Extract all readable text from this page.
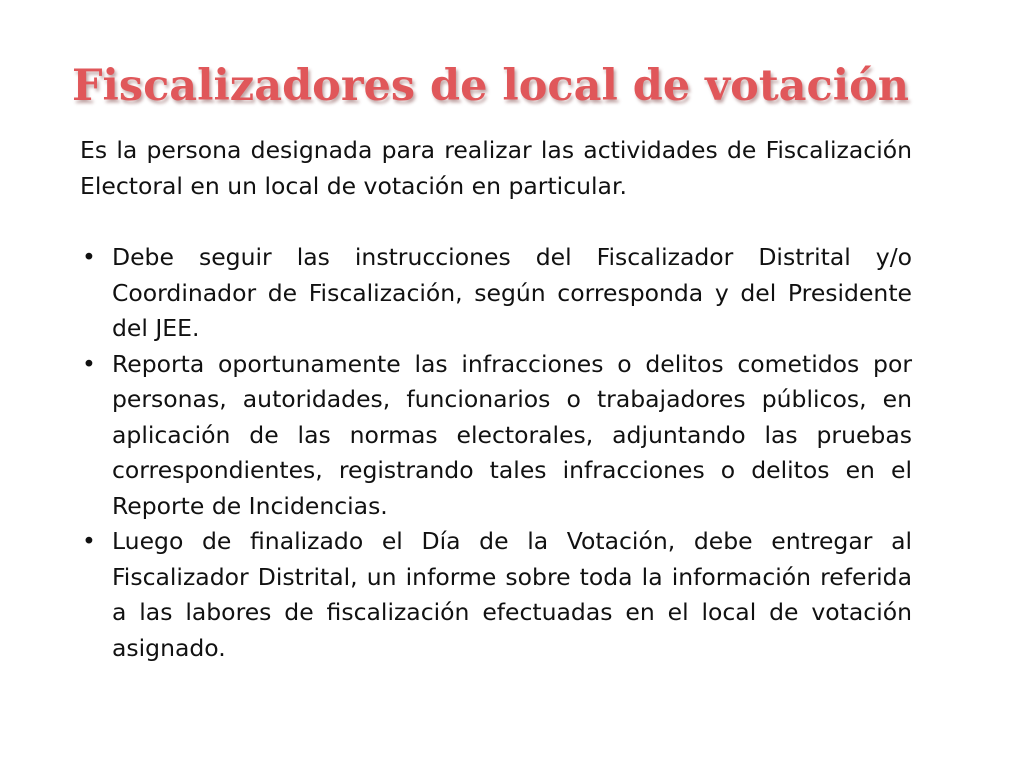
Fiscalizadores de local de votación

Es la persona designada para realizar las actividades de Fiscalización Electoral en un local de votación en particular.

• Debe seguir las instrucciones del Fiscalizador Distrital y/o Coordinador de Fiscalización, según corresponda y del Presidente del JEE.
• Reporta oportunamente las infracciones o delitos cometidos por personas, autoridades, funcionarios o trabajadores públicos, en aplicación de las normas electorales, adjuntando las pruebas correspondientes, registrando tales infracciones o delitos en el Reporte de Incidencias.
• Luego de finalizado el Día de la Votación, debe entregar al Fiscalizador Distrital, un informe sobre toda la información referida a las labores de fiscalización efectuadas en el local de votación asignado.
